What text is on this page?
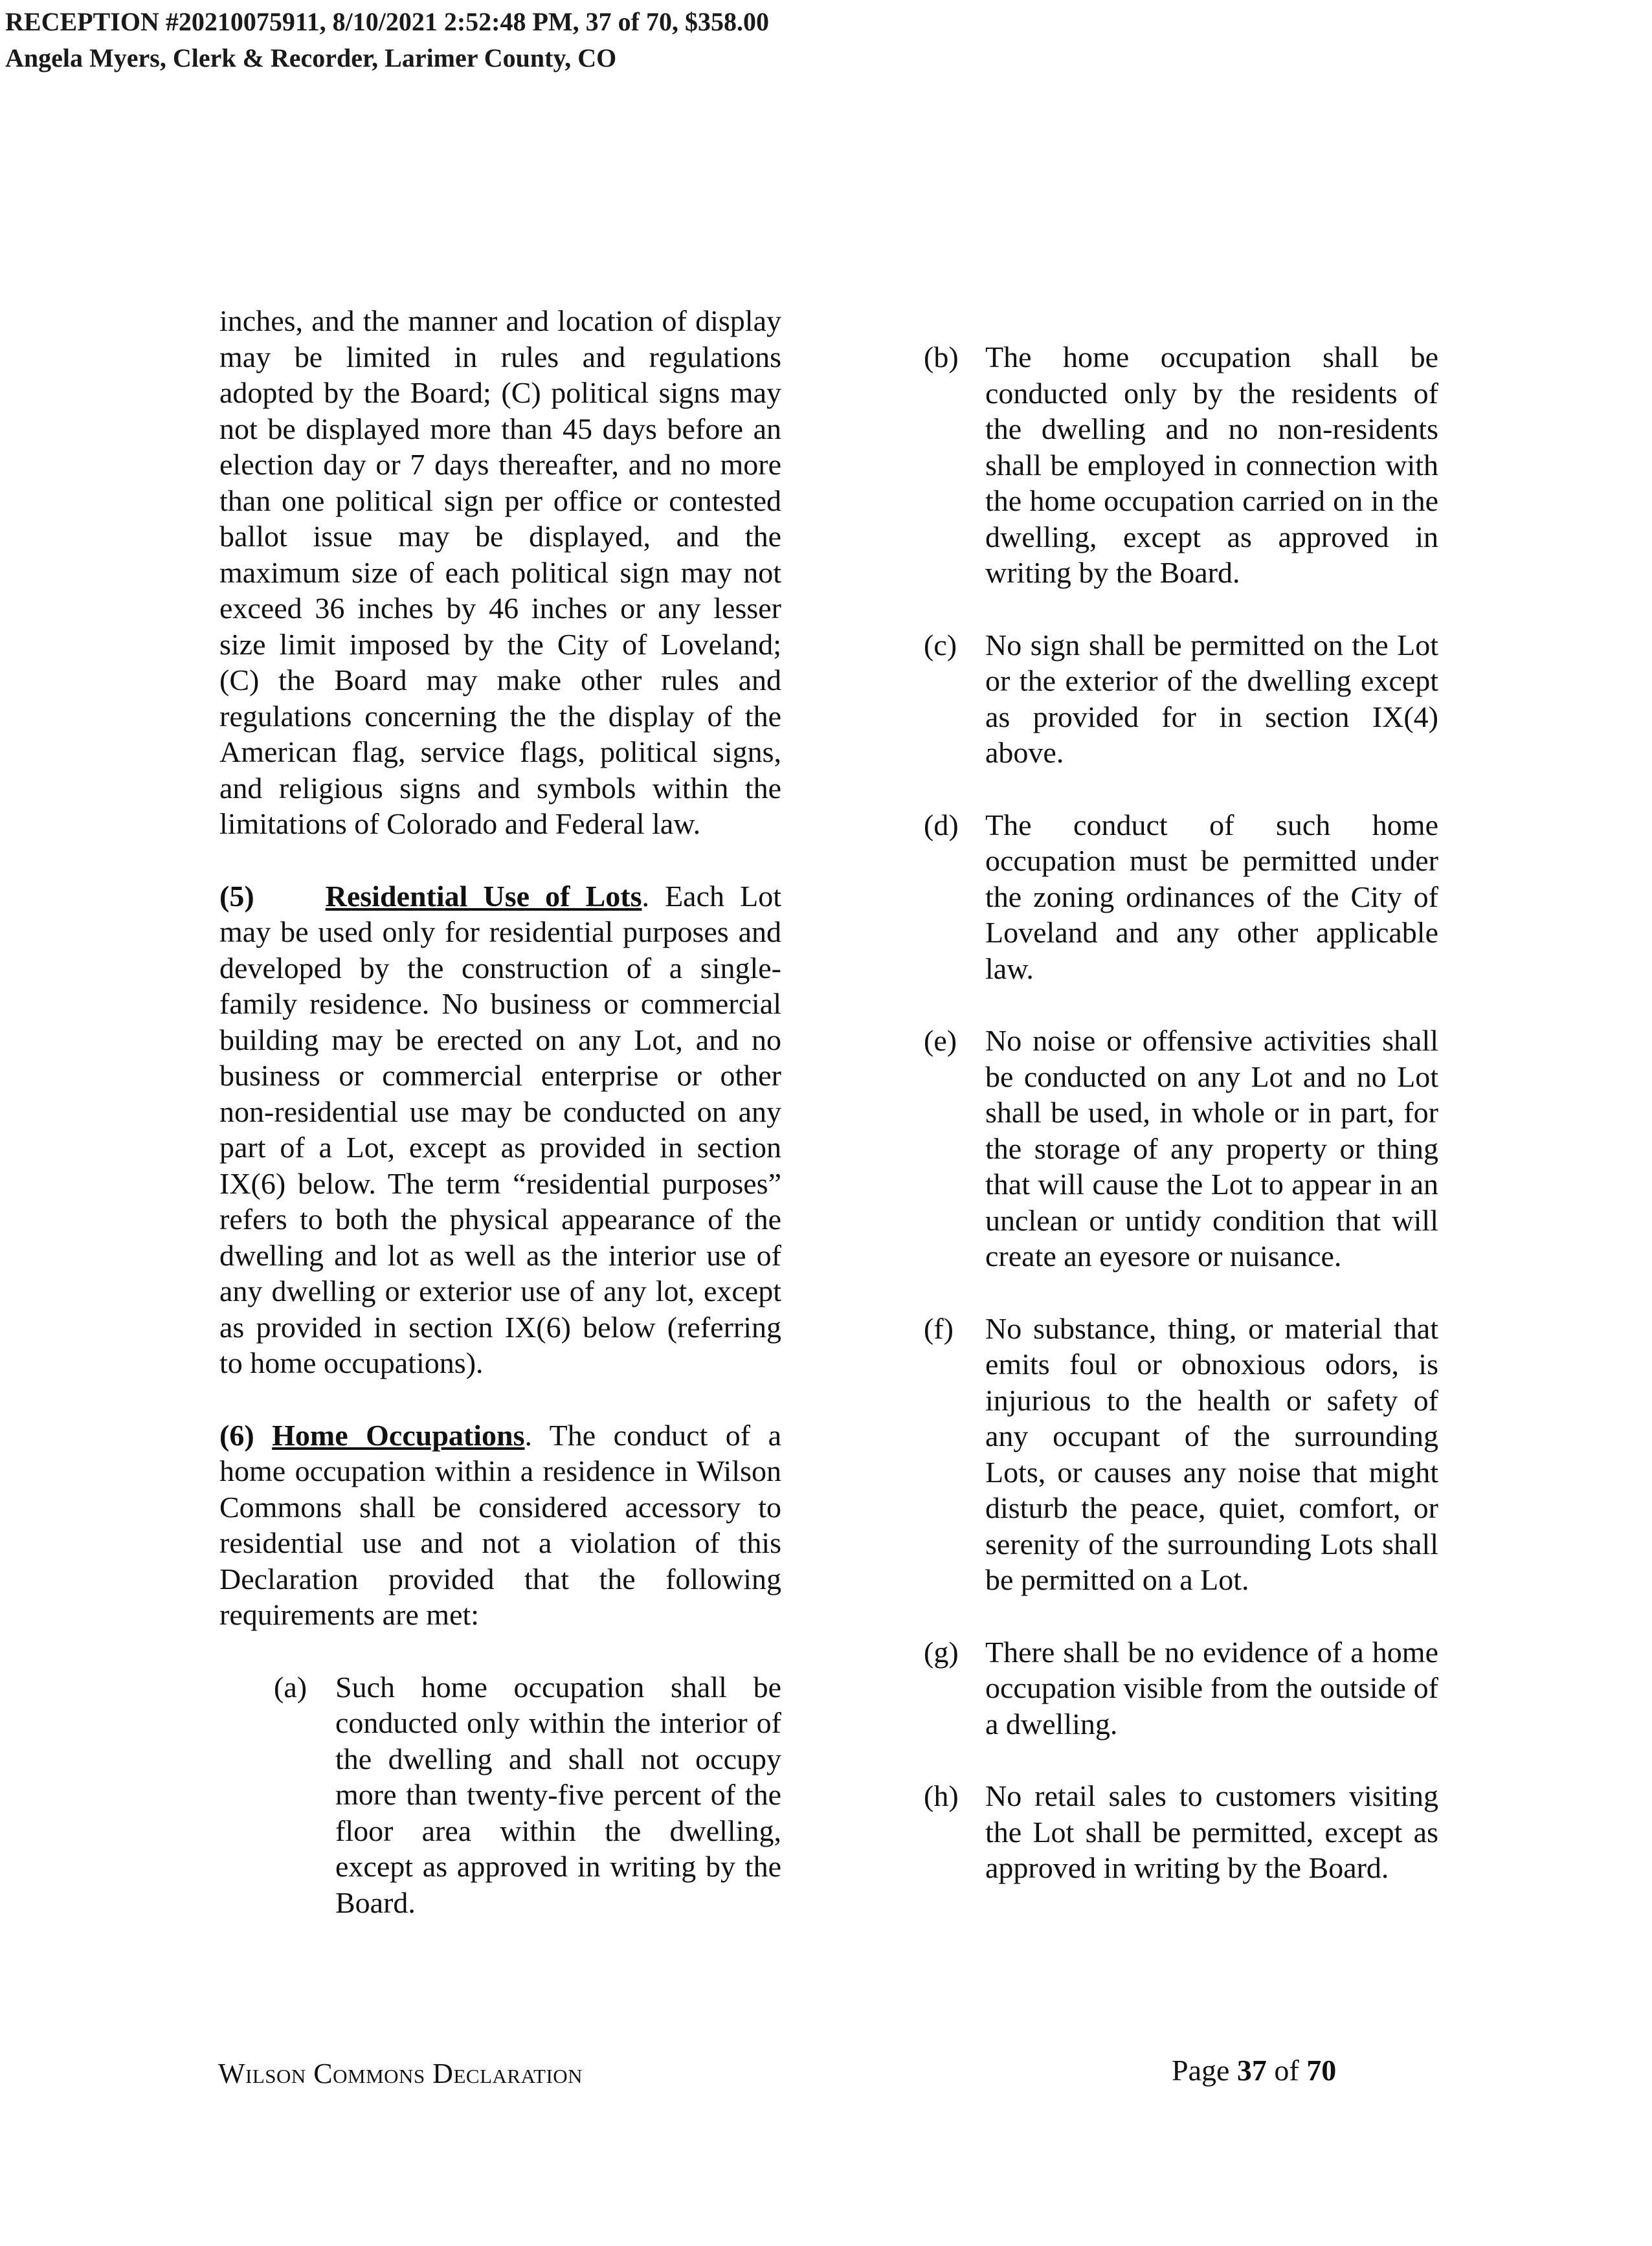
RECEPTION #20210075911, 8/10/2021 2:52:48 PM, 37 of 70, $358.00
Angela Myers, Clerk & Recorder, Larimer County, CO

inches, and the manner and location of display may be limited in rules and regulations adopted by the Board; (C) political signs may not be displayed more than 45 days before an election day or 7 days thereafter, and no more than one political sign per office or contested ballot issue may be displayed, and the maximum size of each political sign may not exceed 36 inches by 46 inches or any lesser size limit imposed by the City of Loveland; (C) the Board may make other rules and regulations concerning the the display of the American flag, service flags, political signs, and religious signs and symbols within the limitations of Colorado and Federal law.

(5) Residential Use of Lots. Each Lot may be used only for residential purposes and developed by the construction of a single-family residence. No business or commercial building may be erected on any Lot, and no business or commercial enterprise or other non-residential use may be conducted on any part of a Lot, except as provided in section IX(6) below. The term “residential purposes” refers to both the physical appearance of the dwelling and lot as well as the interior use of any dwelling or exterior use of any lot, except as provided in section IX(6) below (referring to home occupations).

(6) Home Occupations. The conduct of a home occupation within a residence in Wilson Commons shall be considered accessory to residential use and not a violation of this Declaration provided that the following requirements are met:

(a) Such home occupation shall be conducted only within the interior of the dwelling and shall not occupy more than twenty-five percent of the floor area within the dwelling, except as approved in writing by the Board.
(b) The home occupation shall be conducted only by the residents of the dwelling and no non-residents shall be employed in connection with the home occupation carried on in the dwelling, except as approved in writing by the Board.
(c) No sign shall be permitted on the Lot or the exterior of the dwelling except as provided for in section IX(4) above.
(d) The conduct of such home occupation must be permitted under the zoning ordinances of the City of Loveland and any other applicable law.
(e) No noise or offensive activities shall be conducted on any Lot and no Lot shall be used, in whole or in part, for the storage of any property or thing that will cause the Lot to appear in an unclean or untidy condition that will create an eyesore or nuisance.
(f)	No substance, thing, or material that emits foul or obnoxious odors, is injurious to the health or safety of any occupant of the surrounding Lots, or causes any noise that might disturb the peace, quiet, comfort, or serenity of the surrounding Lots shall be permitted on a Lot.
(g) There shall be no evidence of a home occupation visible from the outside of a dwelling.
(h) No retail sales to customers visiting the Lot shall be permitted, except as approved in writing by the Board.
Wilson Commons Declaration	Page 37 of 70
